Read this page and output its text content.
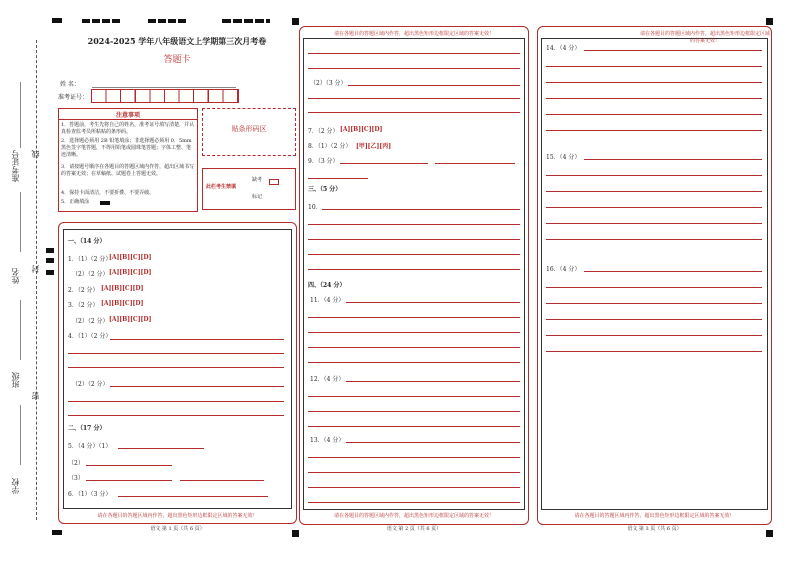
准考证号 线
姓名 封
班级
密
学校
2024-2025 学年八年级语文上学期第三次月考卷
答题卡
姓 名：
准考证号：
注意事项
1．答题前，考生先将自己的姓名，准考证号填写清楚，并认真检查监考员所粘贴的条形码。
2．选择题必须用 2B 铅笔填涂；非选择题必须用 0．5mm 黑色签字笔答题，不得用铅笔或圆珠笔答题；字体工整、笔迹清晰。
3．请按题号顺序在各题目的答题区域内作答，超出区域书写的答案无效；在草稿纸、试题卷上答题无效。
4．保持卡面清洁，不要折叠、不要弄破。
5．正确填涂
贴条形码区
此栏考生禁填
缺考
标记
请在各题目的答题区域内作答，超出黑色矩形边框限定区域的答案无效！
一、（14 分）
1．（1）（2 分）
[A][B][C][D]
（2）（2 分） [A][B][C][D]
2．（2 分） [A][B][C][D]
3．（2 分） [A][B][C][D]
（2）（2 分） [A][B][C][D]
4．（1）（2 分）
（2）（2 分）
二、（17 分）
5．（4 分）（1）
（2）
（3）
6．（1）（3 分）
请在各题目的答题区域内作答，超出黑色矩形边框限定区域的答案无效！
（2）（3 分）
7．（2 分） [A][B][C][D]
8．（1）（2 分） [甲][乙][丙]
9．（3 分）
三、（5 分）
10．
四、（24 分）
11．（4 分）
12．（4 分）
13．（4 分）
请在各题目的答题区域内作答，超出黑色矩形边框限定区域的答案无效！
请在各题目的答题区域内作答，超出黑色矩形边框限定区域的答案无效！
14．（4 分）
15．（4 分）
16．（4 分）
请在各题目的答题区域内作答，超出黑色矩形边框限定区域的答案无效！
语文 第 1 页（共 6 页）	语文 第 2 页（共 6 页）	语文 第 3 页（共 6 页）
